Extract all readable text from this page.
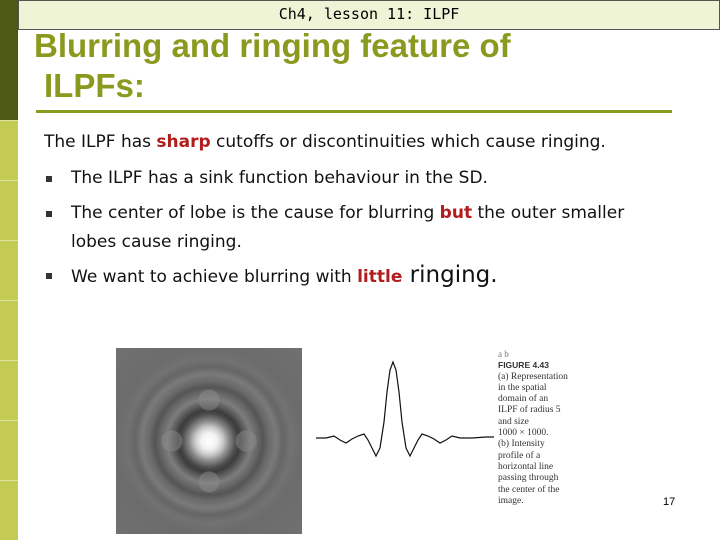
Ch4, lesson 11: ILPF
Blurring and ringing feature of
ILPFs:
The ILPF has sharp cutoffs or discontinuities which cause ringing.
The ILPF has a sink function behaviour in the SD.
The center of lobe is the cause for blurring but the outer smaller
lobes cause ringing.
We want to achieve blurring with little ringing.
a b
FIGURE 4.43
(a) Representation
in the spatial
domain of an
ILPF of radius 5
and size
1000 × 1000.
(b) Intensity
profile of a
horizontal line
passing through
the center of the
image.	17
